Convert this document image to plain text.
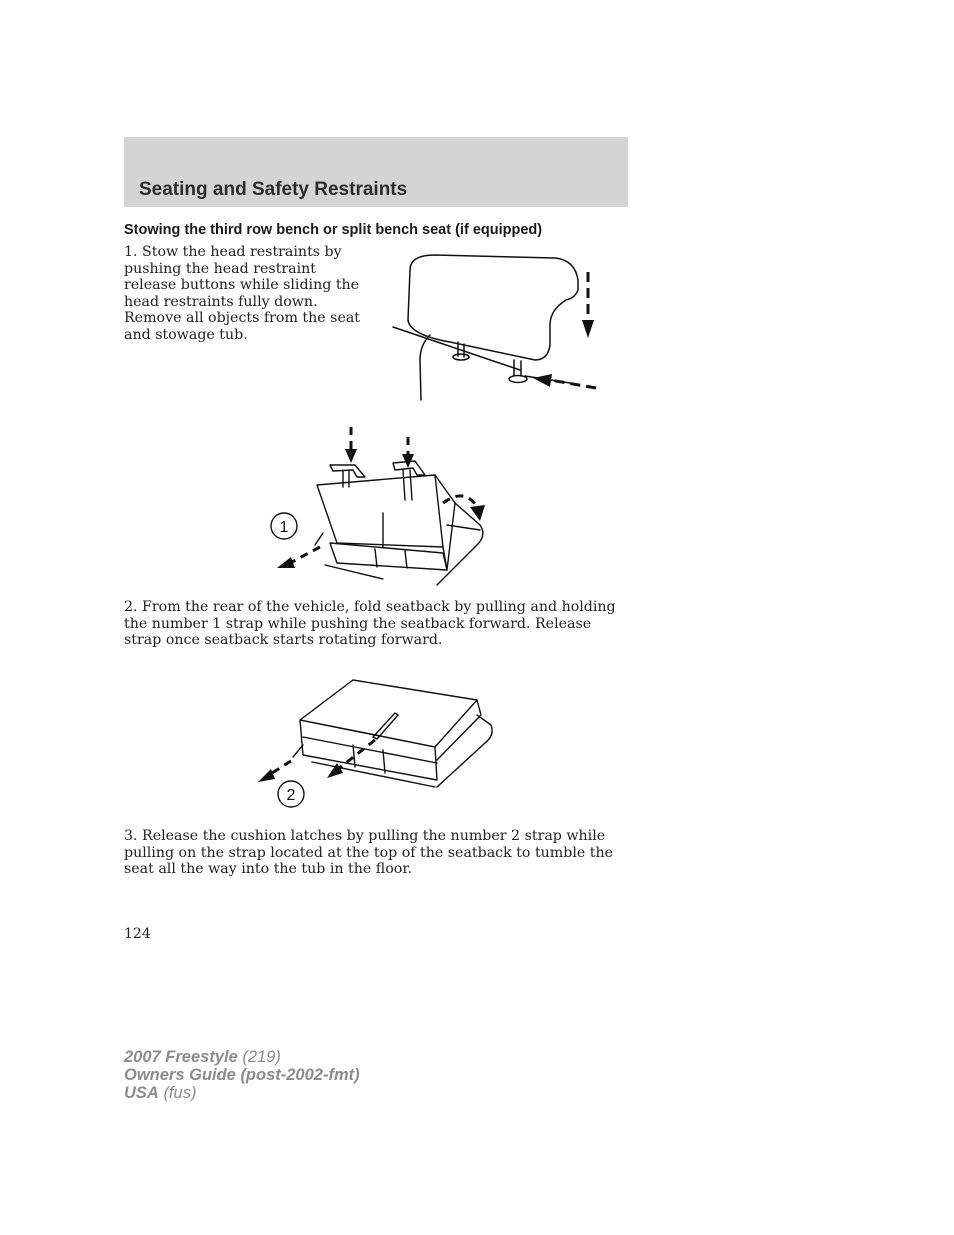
Seating and Safety Restraints
Stowing the third row bench or split bench seat (if equipped)

1. Stow the head restraints by pushing the head restraint release buttons while sliding the head restraints fully down. Remove all objects from the seat and stowage tub.

1

2. From the rear of the vehicle, fold seatback by pulling and holding the number 1 strap while pushing the seatback forward. Release strap once seatback starts rotating forward.

2

3. Release the cushion latches by pulling the number 2 strap while pulling on the strap located at the top of the seatback to tumble the seat all the way into the tub in the floor.

124
2007 Freestyle (219)
Owners Guide (post-2002-fmt)
USA (fus)
